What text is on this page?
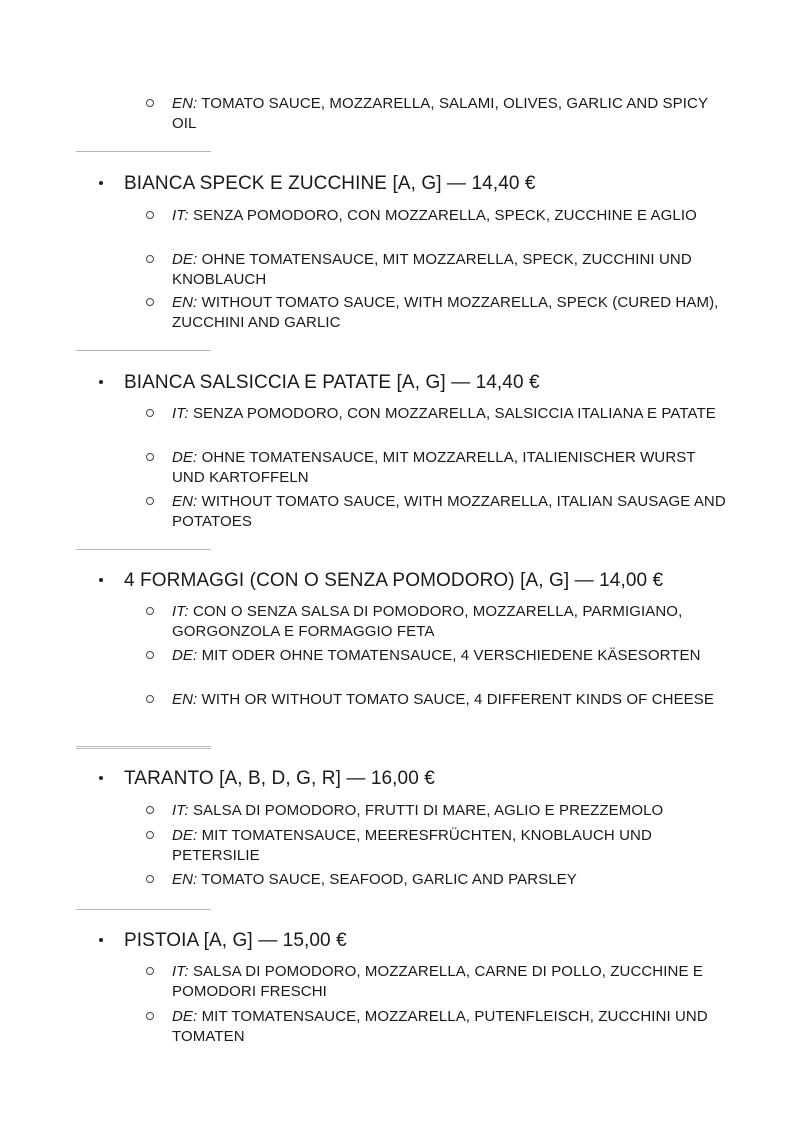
EN: TOMATO SAUCE, MOZZARELLA, SALAMI, OLIVES, GARLIC AND SPICY OIL
BIANCA SPECK E ZUCCHINE [A, G] — 14,40 €
IT: SENZA POMODORO, CON MOZZARELLA, SPECK, ZUCCHINE E AGLIO
DE: OHNE TOMATENSAUCE, MIT MOZZARELLA, SPECK, ZUCCHINI UND KNOBLAUCH
EN: WITHOUT TOMATO SAUCE, WITH MOZZARELLA, SPECK (CURED HAM), ZUCCHINI AND GARLIC
BIANCA SALSICCIA E PATATE [A, G] — 14,40 €
IT: SENZA POMODORO, CON MOZZARELLA, SALSICCIA ITALIANA E PATATE
DE: OHNE TOMATENSAUCE, MIT MOZZARELLA, ITALIENISCHER WURST UND KARTOFFELN
EN: WITHOUT TOMATO SAUCE, WITH MOZZARELLA, ITALIAN SAUSAGE AND POTATOES
4 FORMAGGI (CON O SENZA POMODORO) [A, G] — 14,00 €
IT: CON O SENZA SALSA DI POMODORO, MOZZARELLA, PARMIGIANO, GORGONZOLA E FORMAGGIO FETA
DE: MIT ODER OHNE TOMATENSAUCE, 4 VERSCHIEDENE KÄSESORTEN
EN: WITH OR WITHOUT TOMATO SAUCE, 4 DIFFERENT KINDS OF CHEESE
TARANTO [A, B, D, G, R] — 16,00 €
IT: SALSA DI POMODORO, FRUTTI DI MARE, AGLIO E PREZZEMOLO
DE: MIT TOMATENSAUCE, MEERESFRÜCHTEN, KNOBLAUCH UND PETERSILIE
EN: TOMATO SAUCE, SEAFOOD, GARLIC AND PARSLEY
PISTOIA [A, G] — 15,00 €
IT: SALSA DI POMODORO, MOZZARELLA, CARNE DI POLLO, ZUCCHINE E POMODORI FRESCHI
DE: MIT TOMATENSAUCE, MOZZARELLA, PUTENFLEISCH, ZUCCHINI UND TOMATEN
